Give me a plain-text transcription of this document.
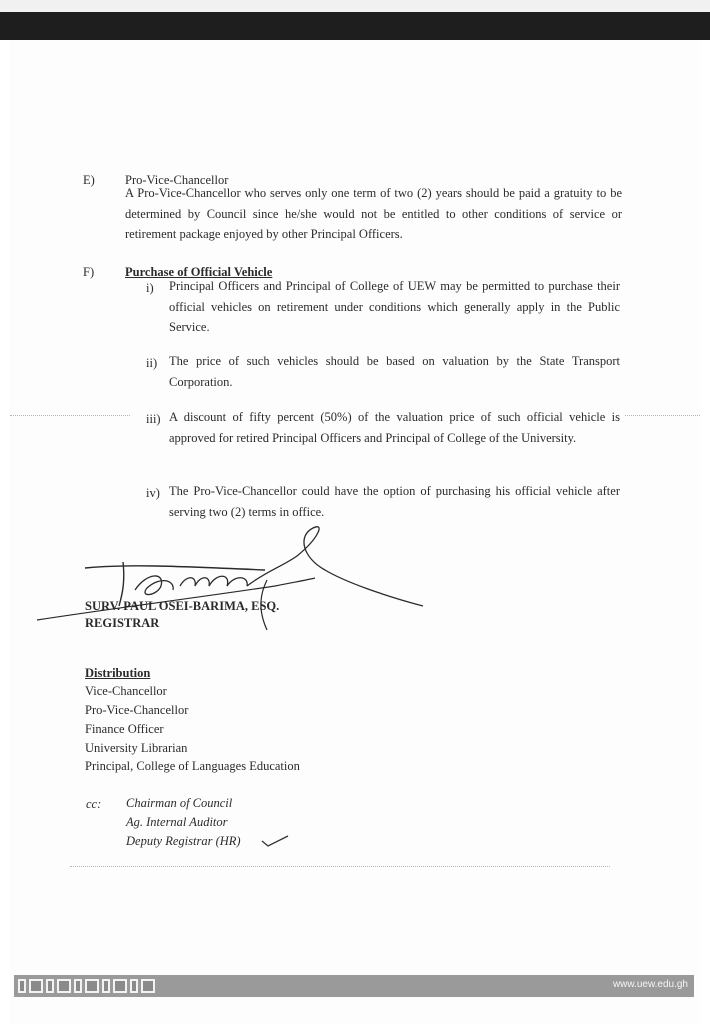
E) Pro-Vice-Chancellor
A Pro-Vice-Chancellor who serves only one term of two (2) years should be paid a gratuity to be determined by Council since he/she would not be entitled to other conditions of service or retirement package enjoyed by other Principal Officers.
F) Purchase of Official Vehicle
i) Principal Officers and Principal of College of UEW may be permitted to purchase their official vehicles on retirement under conditions which generally apply in the Public Service.
ii) The price of such vehicles should be based on valuation by the State Transport Corporation.
iii) A discount of fifty percent (50%) of the valuation price of such official vehicle is approved for retired Principal Officers and Principal of College of the University.
iv) The Pro-Vice-Chancellor could have the option of purchasing his official vehicle after serving two (2) terms in office.
SURV. PAUL OSEI-BARIMA, ESQ.
REGISTRAR
Distribution
Vice-Chancellor
Pro-Vice-Chancellor
Finance Officer
University Librarian
Principal, College of Languages Education
cc: Chairman of Council
Ag. Internal Auditor
Deputy Registrar (HR)
www.uew.edu.gh
